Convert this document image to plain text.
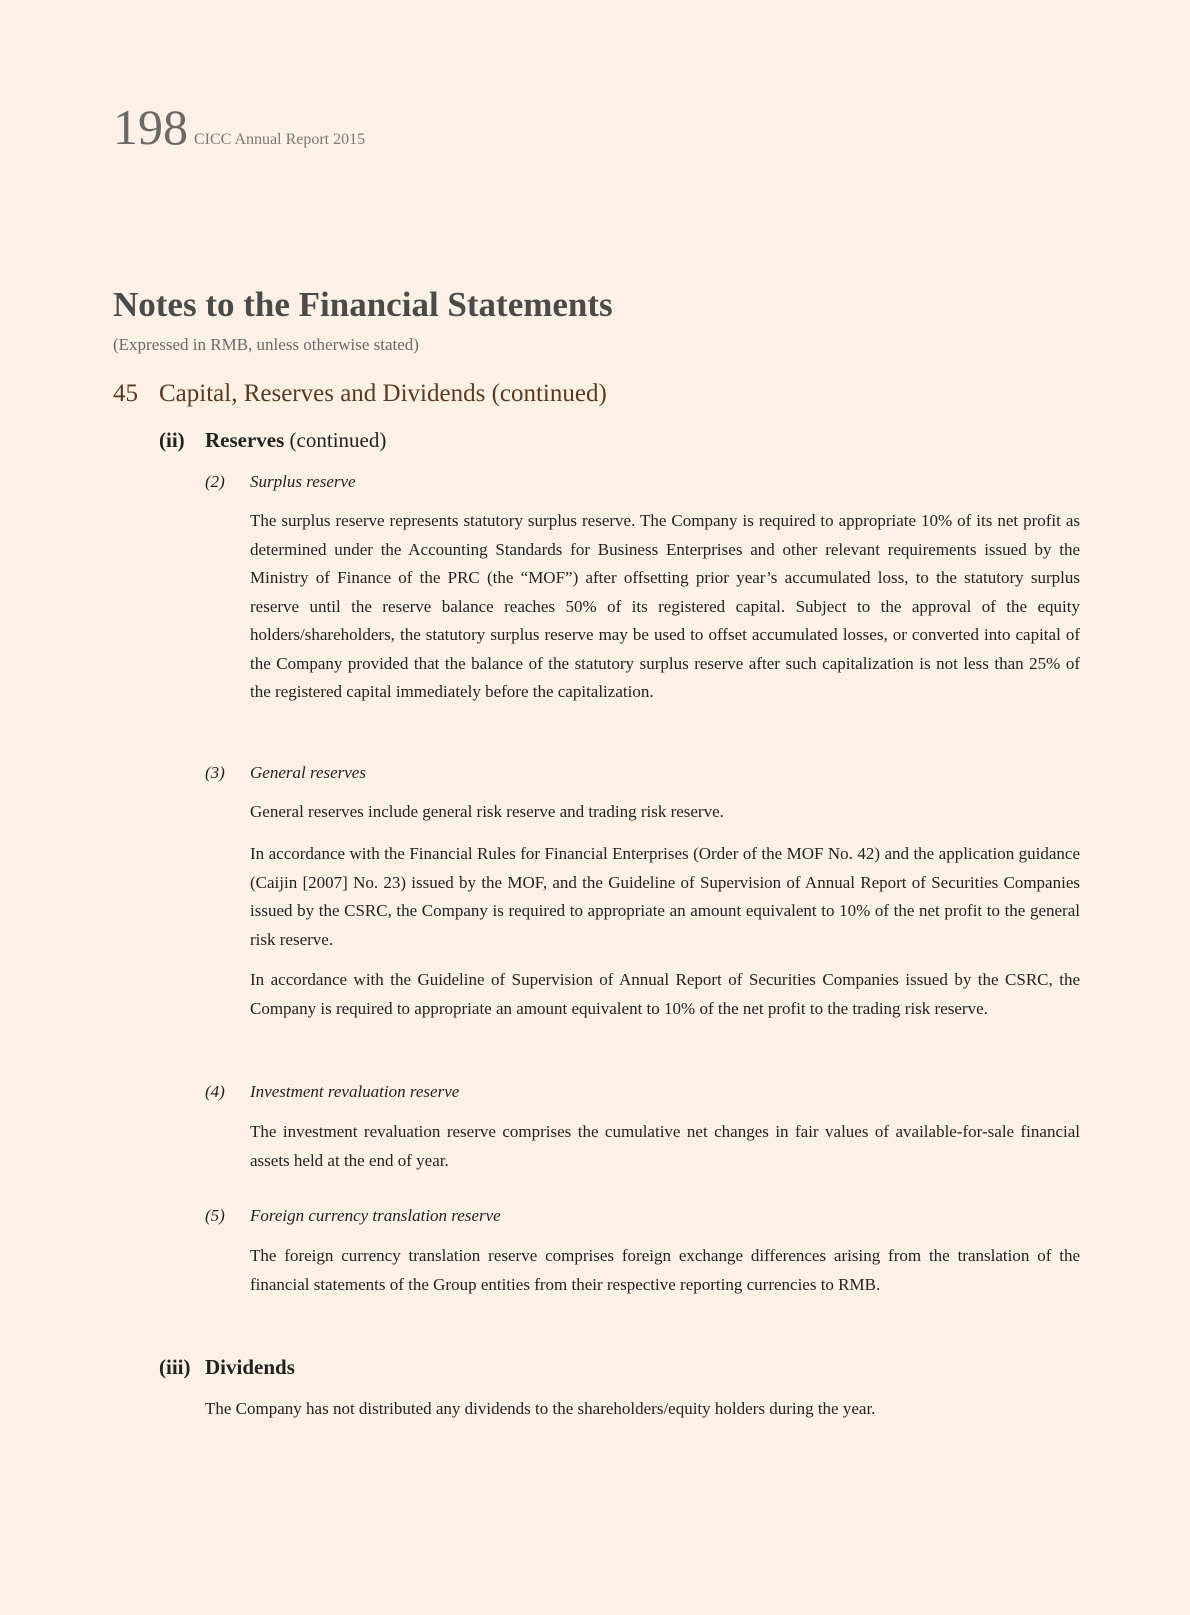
198 CICC Annual Report 2015
Notes to the Financial Statements
(Expressed in RMB, unless otherwise stated)
45 Capital, Reserves and Dividends (continued)
(ii) Reserves (continued)
(2) Surplus reserve

The surplus reserve represents statutory surplus reserve. The Company is required to appropriate 10% of its net profit as determined under the Accounting Standards for Business Enterprises and other relevant requirements issued by the Ministry of Finance of the PRC (the “MOF”) after offsetting prior year’s accumulated loss, to the statutory surplus reserve until the reserve balance reaches 50% of its registered capital. Subject to the approval of the equity holders/shareholders, the statutory surplus reserve may be used to offset accumulated losses, or converted into capital of the Company provided that the balance of the statutory surplus reserve after such capitalization is not less than 25% of the registered capital immediately before the capitalization.

(3) General reserves

General reserves include general risk reserve and trading risk reserve.

In accordance with the Financial Rules for Financial Enterprises (Order of the MOF No. 42) and the application guidance (Caijin [2007] No. 23) issued by the MOF, and the Guideline of Supervision of Annual Report of Securities Companies issued by the CSRC, the Company is required to appropriate an amount equivalent to 10% of the net profit to the general risk reserve.

In accordance with the Guideline of Supervision of Annual Report of Securities Companies issued by the CSRC, the Company is required to appropriate an amount equivalent to 10% of the net profit to the trading risk reserve.

(4) Investment revaluation reserve

The investment revaluation reserve comprises the cumulative net changes in fair values of available-for-sale financial assets held at the end of year.

(5) Foreign currency translation reserve

The foreign currency translation reserve comprises foreign exchange differences arising from the translation of the financial statements of the Group entities from their respective reporting currencies to RMB.

(iii) Dividends

The Company has not distributed any dividends to the shareholders/equity holders during the year.
